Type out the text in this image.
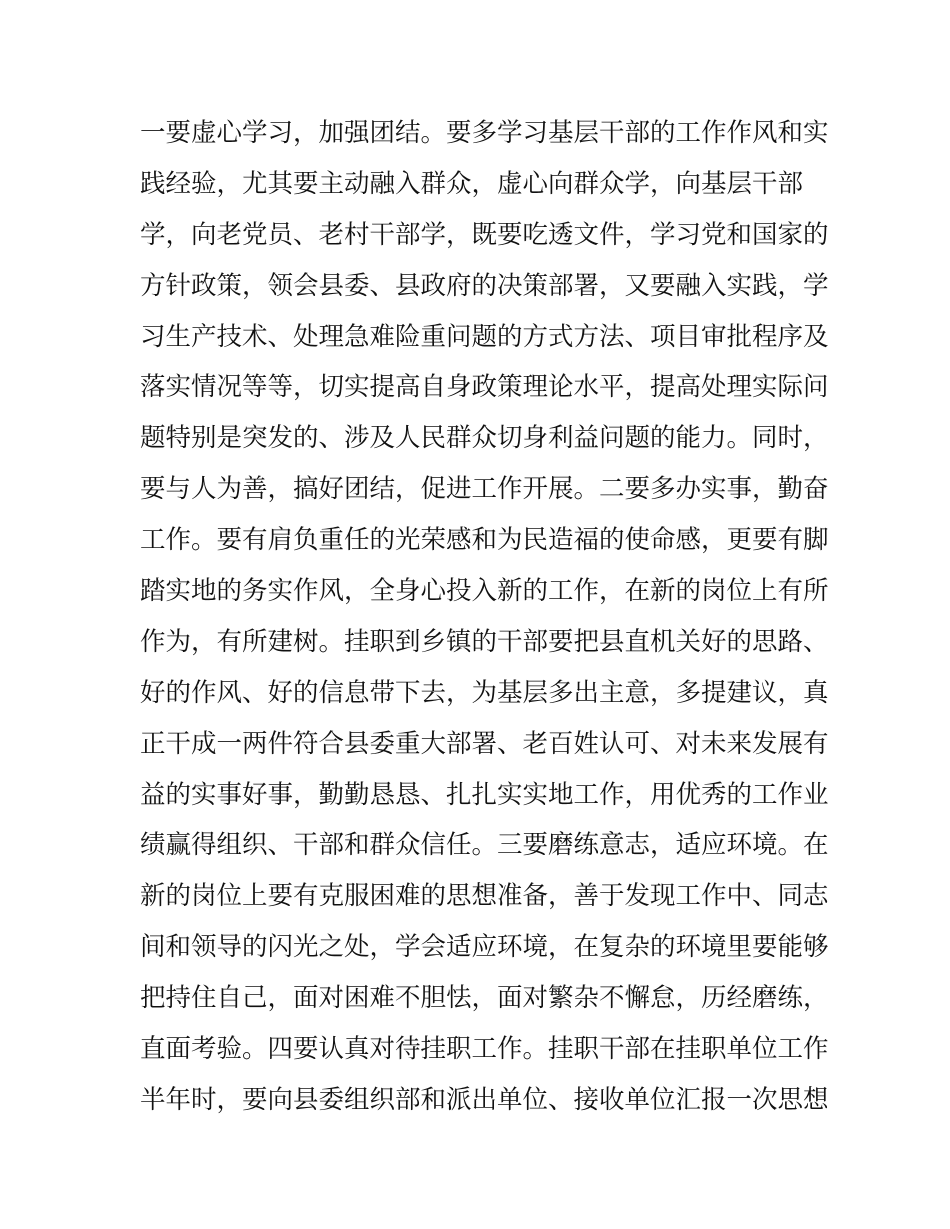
一要虚心学习，加强团结。要多学习基层干部的工作作风和实
践经验，尤其要主动融入群众，虚心向群众学，向基层干部
学，向老党员、老村干部学，既要吃透文件，学习党和国家的
方针政策，领会县委、县政府的决策部署，又要融入实践，学
习生产技术、处理急难险重问题的方式方法、项目审批程序及
落实情况等等，切实提高自身政策理论水平，提高处理实际问
题特别是突发的、涉及人民群众切身利益问题的能力。同时，
要与人为善，搞好团结，促进工作开展。二要多办实事，勤奋
工作。要有肩负重任的光荣感和为民造福的使命感，更要有脚
踏实地的务实作风，全身心投入新的工作，在新的岗位上有所
作为，有所建树。挂职到乡镇的干部要把县直机关好的思路、
好的作风、好的信息带下去，为基层多出主意，多提建议，真
正干成一两件符合县委重大部署、老百姓认可、对未来发展有
益的实事好事，勤勤恳恳、扎扎实实地工作，用优秀的工作业
绩赢得组织、干部和群众信任。三要磨练意志，适应环境。在
新的岗位上要有克服困难的思想准备，善于发现工作中、同志
间和领导的闪光之处，学会适应环境，在复杂的环境里要能够
把持住自己，面对困难不胆怯，面对繁杂不懈怠，历经磨练，
直面考验。四要认真对待挂职工作。挂职干部在挂职单位工作
半年时，要向县委组织部和派出单位、接收单位汇报一次思想
